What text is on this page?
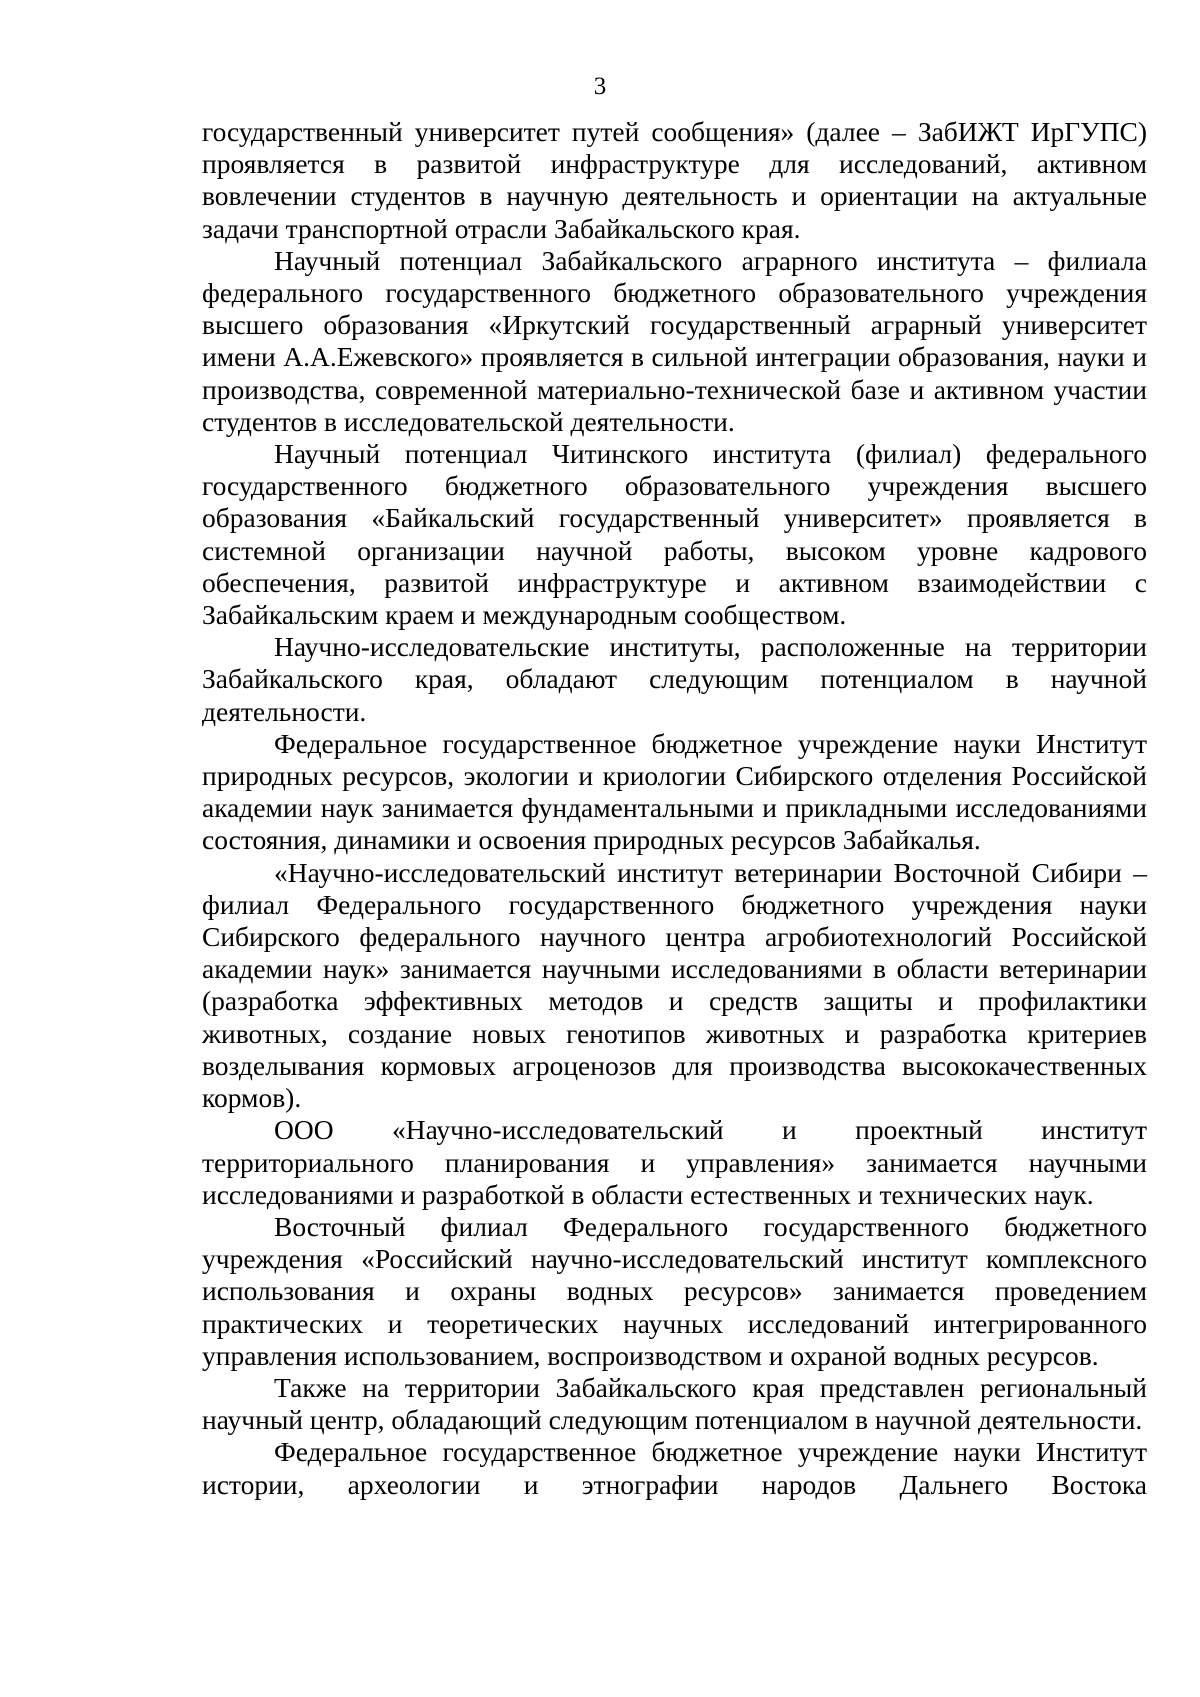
3

государственный университет путей сообщения» (далее – ЗабИЖТ ИрГУПС) проявляется в развитой инфраструктуре для исследований, активном вовлечении студентов в научную деятельность и ориентации на актуальные задачи транспортной отрасли Забайкальского края.

Научный потенциал Забайкальского аграрного института – филиала федерального государственного бюджетного образовательного учреждения высшего образования «Иркутский государственный аграрный университет имени А.А.Ежевского» проявляется в сильной интеграции образования, науки и производства, современной материально-технической базе и активном участии студентов в исследовательской деятельности.

Научный потенциал Читинского института (филиал) федерального государственного бюджетного образовательного учреждения высшего образования «Байкальский государственный университет» проявляется в системной организации научной работы, высоком уровне кадрового обеспечения, развитой инфраструктуре и активном взаимодействии с Забайкальским краем и международным сообществом.

Научно-исследовательские институты, расположенные на территории Забайкальского края, обладают следующим потенциалом в научной деятельности.

Федеральное государственное бюджетное учреждение науки Институт природных ресурсов, экологии и криологии Сибирского отделения Российской академии наук занимается фундаментальными и прикладными исследованиями состояния, динамики и освоения природных ресурсов Забайкалья.

«Научно-исследовательский институт ветеринарии Восточной Сибири – филиал Федерального государственного бюджетного учреждения науки Сибирского федерального научного центра агробиотехнологий Российской академии наук» занимается научными исследованиями в области ветеринарии (разработка эффективных методов и средств защиты и профилактики животных, создание новых генотипов животных и разработка критериев возделывания кормовых агроценозов для производства высококачественных кормов).

ООО «Научно-исследовательский и проектный институт территориального планирования и управления» занимается научными исследованиями и разработкой в области естественных и технических наук.

Восточный филиал Федерального государственного бюджетного учреждения «Российский научно-исследовательский институт комплексного использования и охраны водных ресурсов» занимается проведением практических и теоретических научных исследований интегрированного управления использованием, воспроизводством и охраной водных ресурсов.

Также на территории Забайкальского края представлен региональный научный центр, обладающий следующим потенциалом в научной деятельности.

Федеральное государственное бюджетное учреждение науки Институт истории, археологии и этнографии народов Дальнего Востока
